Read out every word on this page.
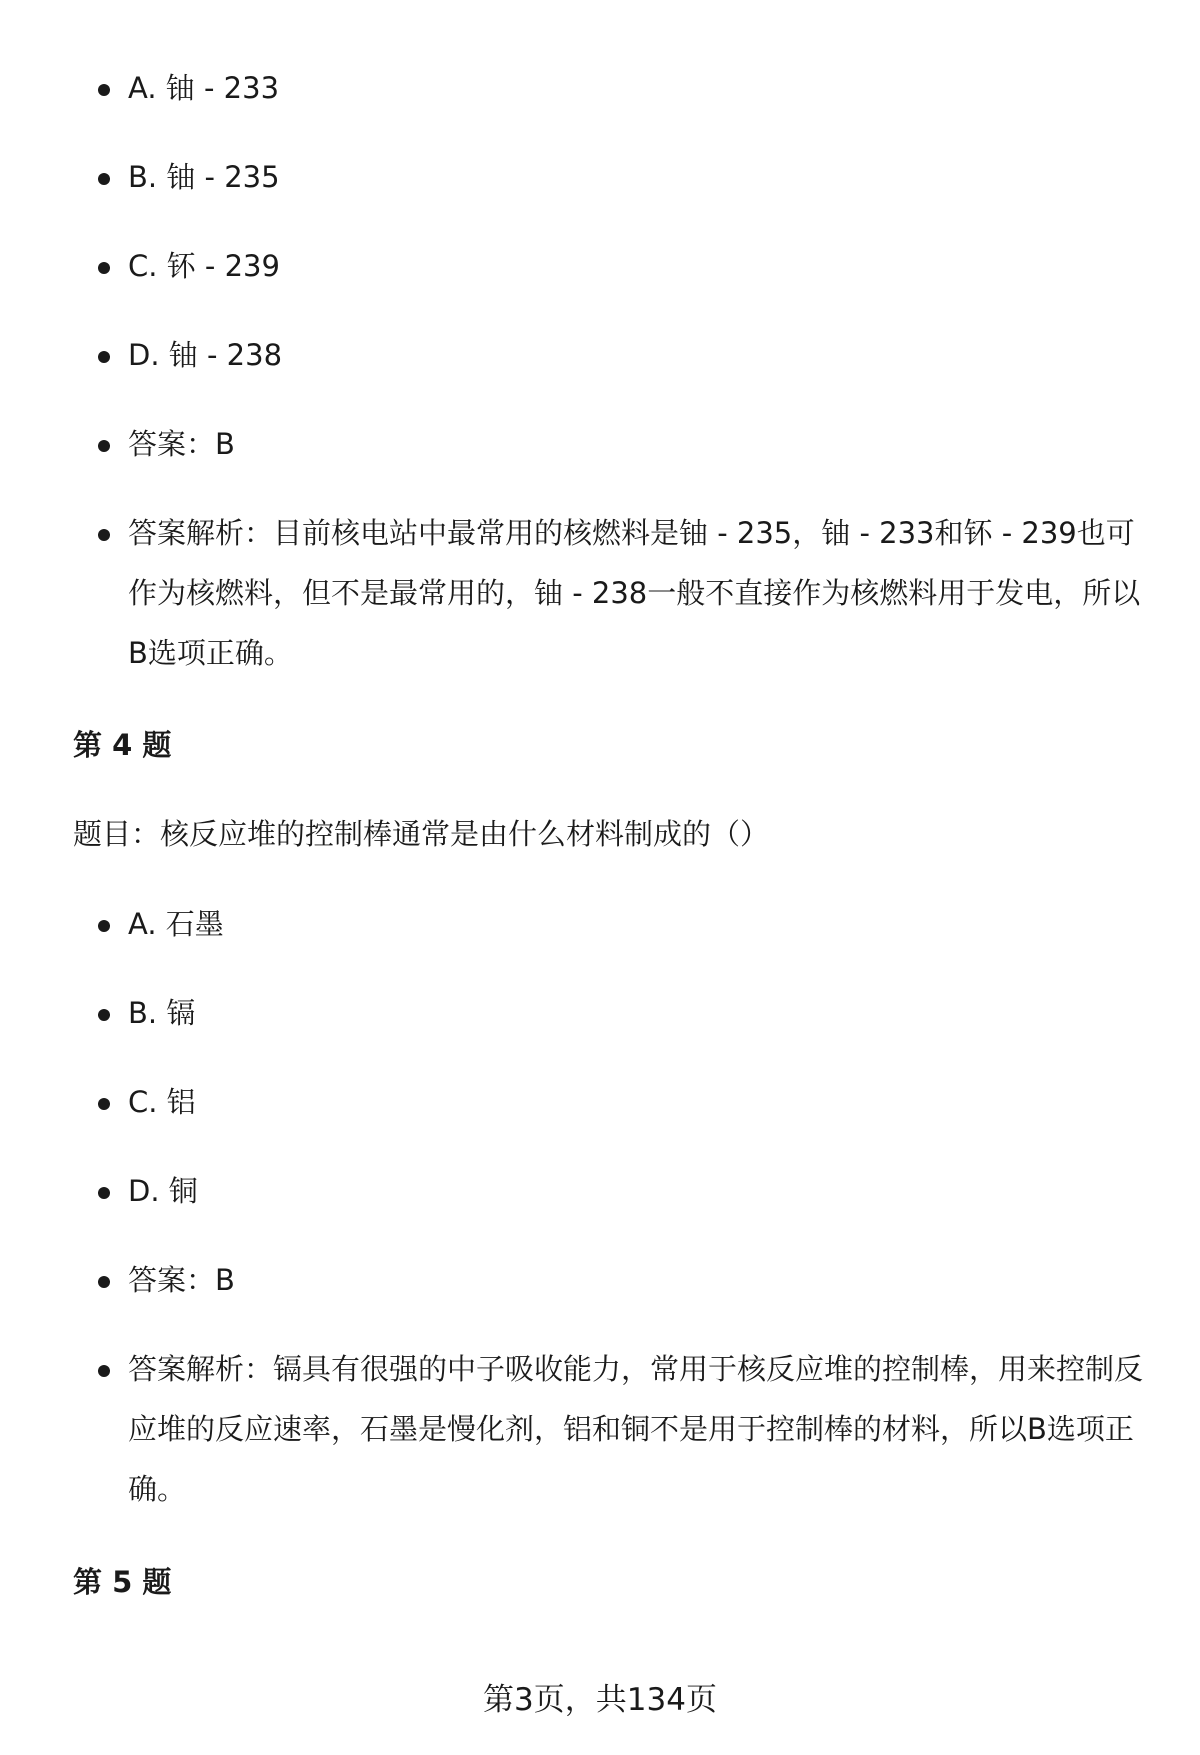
A. 铀 - 233
B. 铀 - 235
C. 钚 - 239
D. 铀 - 238
答案：B
答案解析：目前核电站中最常用的核燃料是铀 - 235，铀 - 233和钚 - 239也可作为核燃料，但不是最常用的，铀 - 238一般不直接作为核燃料用于发电，所以B选项正确。
第 4 题
题目：核反应堆的控制棒通常是由什么材料制成的（）
A. 石墨
B. 镉
C. 铝
D. 铜
答案：B
答案解析：镉具有很强的中子吸收能力，常用于核反应堆的控制棒，用来控制反应堆的反应速率，石墨是慢化剂，铝和铜不是用于控制棒的材料，所以B选项正确。
第 5 题
第3页，共134页
